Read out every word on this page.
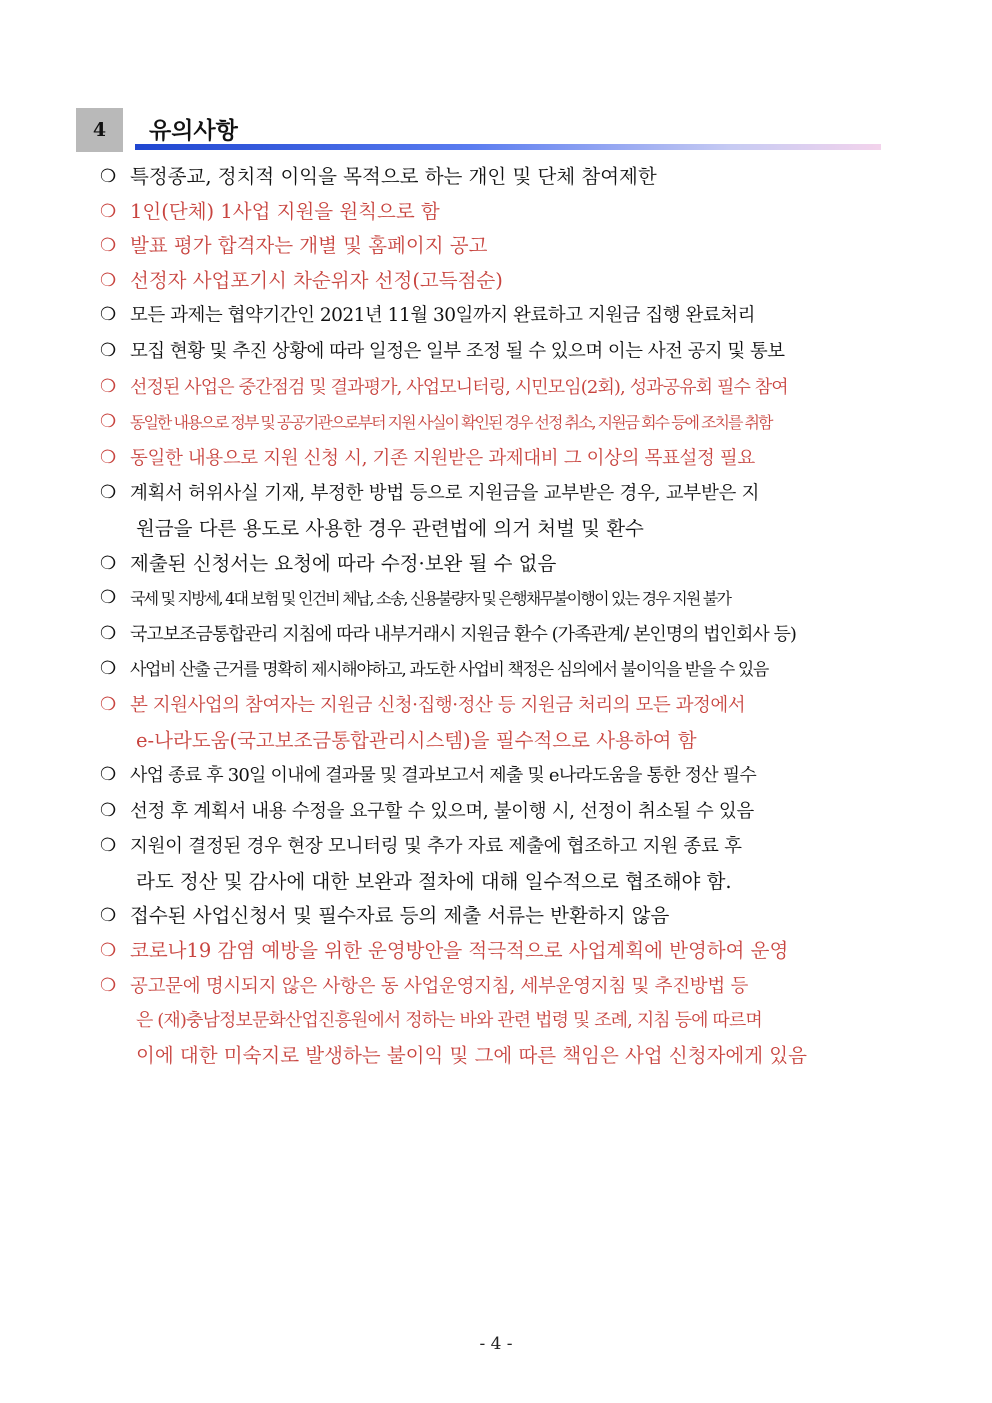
4	유의사항
❍ 특정종교, 정치적 이익을 목적으로 하는 개인 및 단체 참여제한
❍ 1인(단체) 1사업 지원을 원칙으로 함
❍ 발표 평가 합격자는 개별 및 홈페이지 공고
❍ 선정자 사업포기시 차순위자 선정(고득점순)
❍ 모든 과제는 협약기간인 2021년 11월 30일까지 완료하고 지원금 집행 완료처리
❍ 모집 현황 및 추진 상황에 따라 일정은 일부 조정 될 수 있으며 이는 사전 공지 및 통보
❍ 선정된 사업은 중간점검 및 결과평가, 사업모니터링, 시민모임(2회), 성과공유회 필수 참여
❍ 동일한 내용으로 정부 및 공공기관으로부터 지원 사실이 확인된 경우 선정 취소, 지원금 회수 등에 조치를 취함
❍ 동일한 내용으로 지원 신청 시, 기존 지원받은 과제대비 그 이상의 목표설정 필요
❍ 계획서 허위사실 기재, 부정한 방법 등으로 지원금을 교부받은 경우, 교부받은 지
원금을 다른 용도로 사용한 경우 관련법에 의거 처벌 및 환수
❍ 제출된 신청서는 요청에 따라 수정·보완 될 수 없음
❍ 국세 및 지방세, 4대 보험 및 인건비 체납, 소송, 신용불량자 및 은행채무불이행이 있는 경우 지원 불가
❍ 국고보조금통합관리 지침에 따라 내부거래시 지원금 환수 (가족관계/ 본인명의 법인회사 등)
❍ 사업비 산출 근거를 명확히 제시해야하고, 과도한 사업비 책정은 심의에서 불이익을 받을 수 있음
❍ 본 지원사업의 참여자는 지원금 신청·집행·정산 등 지원금 처리의 모든 과정에서
e-나라도움(국고보조금통합관리시스템)을 필수적으로 사용하여 함
❍ 사업 종료 후 30일 이내에 결과물 및 결과보고서 제출 및 e나라도움을 통한 정산 필수
❍ 선정 후 계획서 내용 수정을 요구할 수 있으며, 불이행 시, 선정이 취소될 수 있음
❍ 지원이 결정된 경우 현장 모니터링 및 추가 자료 제출에 협조하고 지원 종료 후
라도 정산 및 감사에 대한 보완과 절차에 대해 일수적으로 협조해야 함.
❍ 접수된 사업신청서 및 필수자료 등의 제출 서류는 반환하지 않음
❍ 코로나19 감염 예방을 위한 운영방안을 적극적으로 사업계획에 반영하여 운영
❍ 공고문에 명시되지 않은 사항은 동 사업운영지침, 세부운영지침 및 추진방법 등
은 (재)충남정보문화산업진흥원에서 정하는 바와 관련 법령 및 조례, 지침 등에 따르며
이에 대한 미숙지로 발생하는 불이익 및 그에 따른 책임은 사업 신청자에게 있음
- 4 -
